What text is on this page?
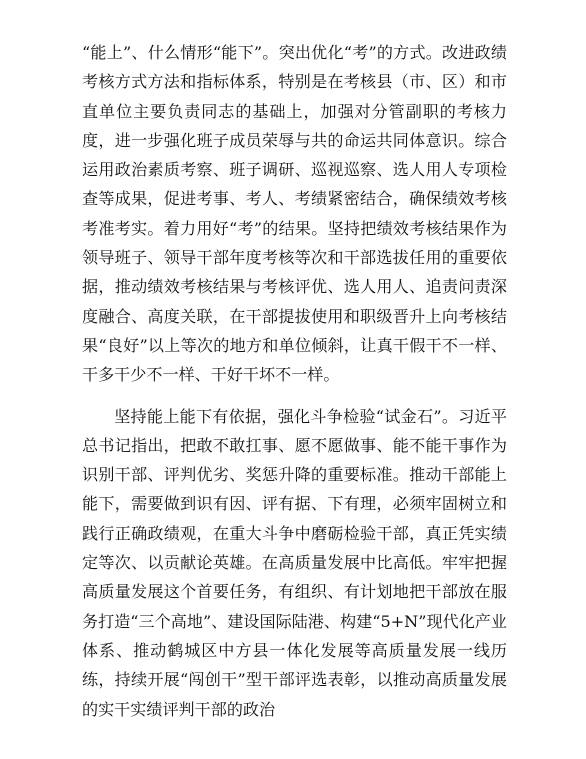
“能上”、什么情形“能下”。突出优化“考”的方式。改进政绩考核方式方法和指标体系，特别是在考核县（市、区）和市直单位主要负责同志的基础上，加强对分管副职的考核力度，进一步强化班子成员荣辱与共的命运共同体意识。综合运用政治素质考察、班子调研、巡视巡察、选人用人专项检查等成果，促进考事、考人、考绩紧密结合，确保绩效考核考准考实。着力用好“考”的结果。坚持把绩效考核结果作为领导班子、领导干部年度考核等次和干部选拔任用的重要依据，推动绩效考核结果与考核评优、选人用人、追责问责深度融合、高度关联，在干部提拔使用和职级晋升上向考核结果“良好”以上等次的地方和单位倾斜，让真干假干不一样、干多干少不一样、干好干坏不一样。

坚持能上能下有依据，强化斗争检验“试金石”。习近平总书记指出，把敢不敢扛事、愿不愿做事、能不能干事作为识别干部、评判优劣、奖惩升降的重要标准。推动干部能上能下，需要做到识有因、评有据、下有理，必须牢固树立和践行正确政绩观，在重大斗争中磨砺检验干部，真正凭实绩定等次、以贡献论英雄。在高质量发展中比高低。牢牢把握高质量发展这个首要任务，有组织、有计划地把干部放在服务打造“三个高地”、建设国际陆港、构建“5+N”现代化产业体系、推动鹤城区中方县一体化发展等高质量发展一线历练，持续开展“闯创干”型干部评选表彰，以推动高质量发展的实干实绩评判干部的政治
